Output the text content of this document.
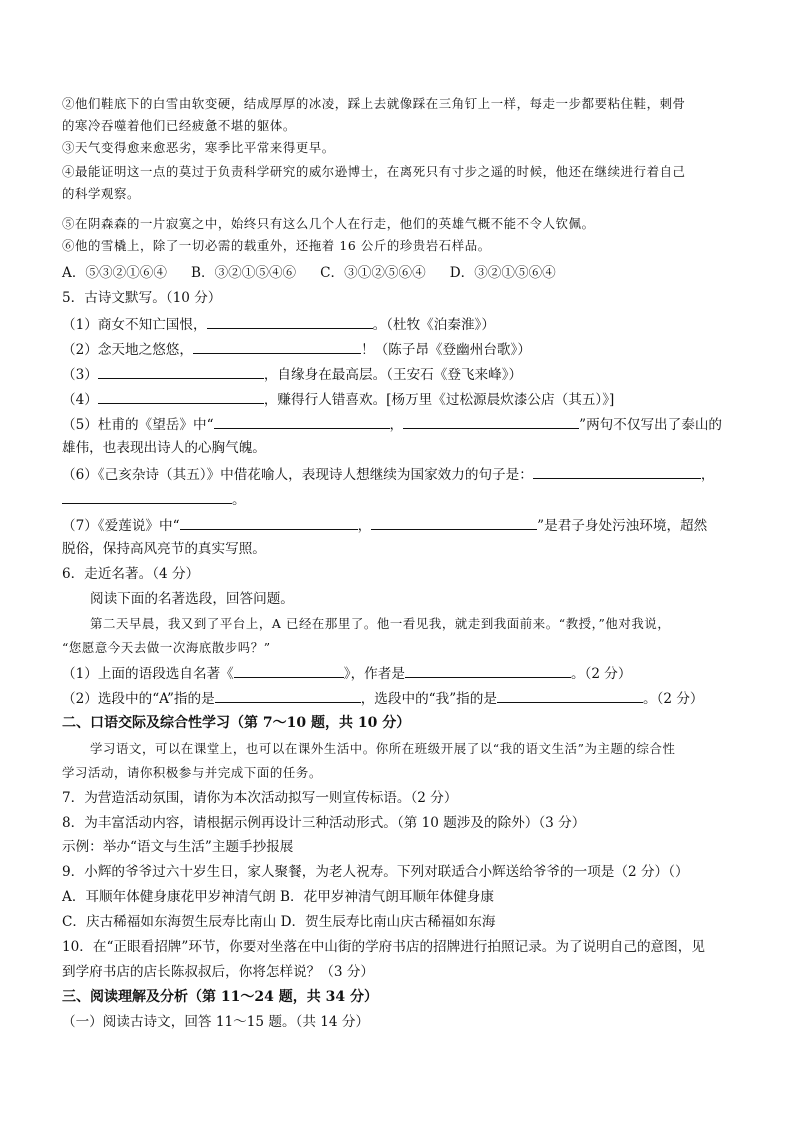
②他们鞋底下的白雪由软变硬，结成厚厚的冰凌，踩上去就像踩在三角钉上一样，每走一步都要粘住鞋，刺骨
的寒冷吞噬着他们已经疲惫不堪的躯体。
③天气变得愈来愈恶劣，寒季比平常来得更早。
④最能证明这一点的莫过于负责科学研究的威尔逊博士，在离死只有寸步之遥的时候，他还在继续进行着自己
的科学观察。
⑤在阴森森的一片寂寞之中，始终只有这么几个人在行走，他们的英雄气概不能不令人钦佩。
⑥他的雪橇上，除了一切必需的载重外，还拖着 16 公斤的珍贵岩石样品。
A．⑤③②①⑥④ B．③②①⑤④⑥ C．③①②⑤⑥④ D．③②①⑤⑥④
5．古诗文默写。（10 分）
（1）商女不知亡国恨，	。（杜牧《泊秦淮》）
（2）念天地之悠悠，	！（陈子昂《登幽州台歌》）
（3）	，自缘身在最高层。（王安石《登飞来峰》）
（4）	，赚得行人错喜欢。[杨万里《过松源晨炊漆公店（其五）》]
（5）杜甫的《望岳》中“	，	”两句不仅写出了泰山的
雄伟，也表现出诗人的心胸气魄。
（6）《己亥杂诗（其五）》中借花喻人，表现诗人想继续为国家效力的句子是：	，
。
（7）《爱莲说》中“	，	”是君子身处污浊环境，超然
脱俗，保持高风亮节的真实写照。
6．走近名著。（4 分）
阅读下面的名著选段，回答问题。
第二天早晨，我又到了平台上，A 已经在那里了。他一看见我，就走到我面前来。“教授，”他对我说，
“您愿意今天去做一次海底散步吗？”
（1）上面的语段选自名著《	》，作者是	。（2 分）
（2）选段中的“A”指的是	，选段中的“我”指的是	。（2 分）
二、口语交际及综合性学习（第 7～10 题，共 10 分）
学习语文，可以在课堂上，也可以在课外生活中。你所在班级开展了以“我的语文生活”为主题的综合性
学习活动，请你积极参与并完成下面的任务。
7．为营造活动氛围，请你为本次活动拟写一则宣传标语。（2 分）
8．为丰富活动内容，请根据示例再设计三种活动形式。（第 10 题涉及的除外）（3 分）
示例：举办“语文与生活”主题手抄报展
9．小辉的爷爷过六十岁生日，家人聚餐，为老人祝寿。下列对联适合小辉送给爷爷的一项是（2 分）（）
A．耳顺年体健身康花甲岁神清气朗 B．花甲岁神清气朗耳顺年体健身康
C．庆古稀福如东海贺生辰寿比南山 D．贺生辰寿比南山庆古稀福如东海
10．在“正眼看招牌”环节，你要对坐落在中山街的学府书店的招牌进行拍照记录。为了说明自己的意图，见
到学府书店的店长陈叔叔后，你将怎样说？（3 分）
三、阅读理解及分析（第 11～24 题，共 34 分）
（一）阅读古诗文，回答 11～15 题。（共 14 分）
